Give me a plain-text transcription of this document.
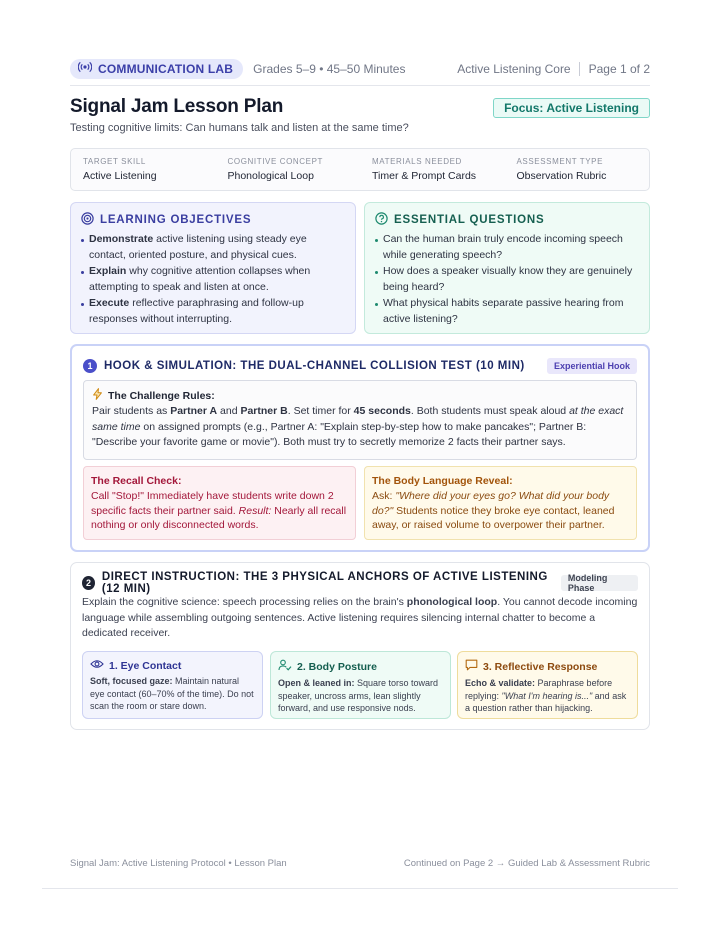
COMMUNICATION LAB Grades 5–9 • 45–50 Minutes	Active Listening Core Page 1 of 2
Signal Jam Lesson Plan	Focus: Active Listening
Testing cognitive limits: Can humans talk and listen at the same time?
TARGET SKILL
Active Listening
COGNITIVE CONCEPT
Phonological Loop
MATERIALS NEEDED
Timer & Prompt Cards
ASSESSMENT TYPE
Observation Rubric
LEARNING OBJECTIVES
Demonstrate active listening using steady eye contact, oriented posture, and physical cues.
Explain why cognitive attention collapses when attempting to speak and listen at once.
Execute reflective paraphrasing and follow-up responses without interrupting.
ESSENTIAL QUESTIONS
Can the human brain truly encode incoming speech while generating speech?
How does a speaker visually know they are genuinely being heard?
What physical habits separate passive hearing from active listening?
1	HOOK & SIMULATION: THE DUAL-CHANNEL COLLISION TEST (10 MIN)	Experiential Hook
The Challenge Rules:

Pair students as Partner A and Partner B. Set timer for 45 seconds. Both students must speak aloud at the exact same time on assigned prompts (e.g., Partner A: "Explain step-by-step how to make pancakes"; Partner B: "Describe your favorite game or movie"). Both must try to secretly memorize 2 facts their partner says.

The Recall Check:

Call "Stop!" Immediately have students write down 2 specific facts their partner said. Result: Nearly all recall nothing or only disconnected words.

The Body Language Reveal:

Ask: "Where did your eyes go? What did your body do?" Students notice they broke eye contact, leaned away, or raised volume to overpower their partner.

2 DIRECT INSTRUCTION: THE 3 PHYSICAL ANCHORS OF ACTIVE LISTENING (12 MIN)
Modeling Phase
Explain the cognitive science: speech processing relies on the brain's phonological loop. You cannot decode incoming language while assembling outgoing sentences. Active listening requires silencing internal chatter to become a dedicated receiver.
1. Eye Contact

Soft, focused gaze: Maintain natural eye contact (60–70% of the time). Do not scan the room or stare down.

2. Body Posture

Open & leaned in: Square torso toward speaker, uncross arms, lean slightly forward, and use responsive nods.

3. Reflective Response

Echo & validate: Paraphrase before replying: "What I'm hearing is..." and ask a question rather than hijacking.

Signal Jam: Active Listening Protocol • Lesson Plan	Continued on Page 2 → Guided Lab & Assessment Rubric
